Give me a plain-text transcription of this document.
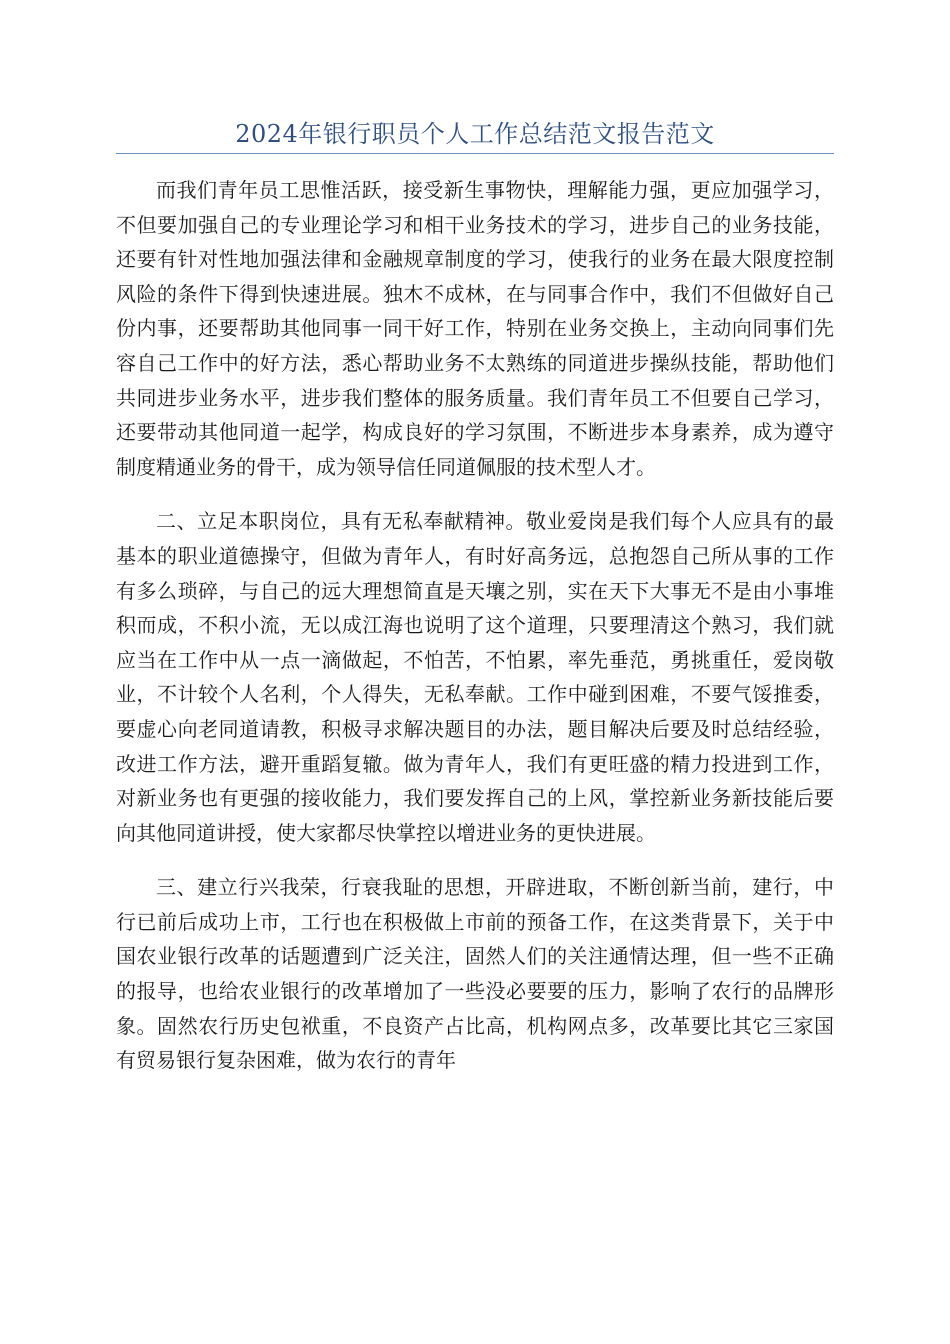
2024年银行职员个人工作总结范文报告范文

而我们青年员工思惟活跃，接受新生事物快，理解能力强，更应加强学习，不但要加强自己的专业理论学习和相干业务技术的学习，进步自己的业务技能，还要有针对性地加强法律和金融规章制度的学习，使我行的业务在最大限度控制风险的条件下得到快速进展。独木不成林，在与同事合作中，我们不但做好自己份内事，还要帮助其他同事一同干好工作，特别在业务交换上，主动向同事们先容自己工作中的好方法，悉心帮助业务不太熟练的同道进步操纵技能，帮助他们共同进步业务水平，进步我们整体的服务质量。我们青年员工不但要自己学习，还要带动其他同道一起学，构成良好的学习氛围，不断进步本身素养，成为遵守制度精通业务的骨干，成为领导信任同道佩服的技术型人才。

二、立足本职岗位，具有无私奉献精神。敬业爱岗是我们每个人应具有的最基本的职业道德操守，但做为青年人，有时好高务远，总抱怨自己所从事的工作有多么琐碎，与自己的远大理想简直是天壤之别，实在天下大事无不是由小事堆积而成，不积小流，无以成江海也说明了这个道理，只要理清这个熟习，我们就应当在工作中从一点一滴做起，不怕苦，不怕累，率先垂范，勇挑重任，爱岗敬业，不计较个人名利，个人得失，无私奉献。工作中碰到困难，不要气馁推委，要虚心向老同道请教，积极寻求解决题目的办法，题目解决后要及时总结经验，改进工作方法，避开重蹈复辙。做为青年人，我们有更旺盛的精力投进到工作，对新业务也有更强的接收能力，我们要发挥自己的上风，掌控新业务新技能后要向其他同道讲授，使大家都尽快掌控以增进业务的更快进展。

三、建立行兴我荣，行衰我耻的思想，开辟进取，不断创新当前，建行，中行已前后成功上市，工行也在积极做上市前的预备工作，在这类背景下，关于中国农业银行改革的话题遭到广泛关注，固然人们的关注通情达理，但一些不正确的报导，也给农业银行的改革增加了一些没必要要的压力，影响了农行的品牌形象。固然农行历史包袱重，不良资产占比高，机构网点多，改革要比其它三家国有贸易银行复杂困难，做为农行的青年
